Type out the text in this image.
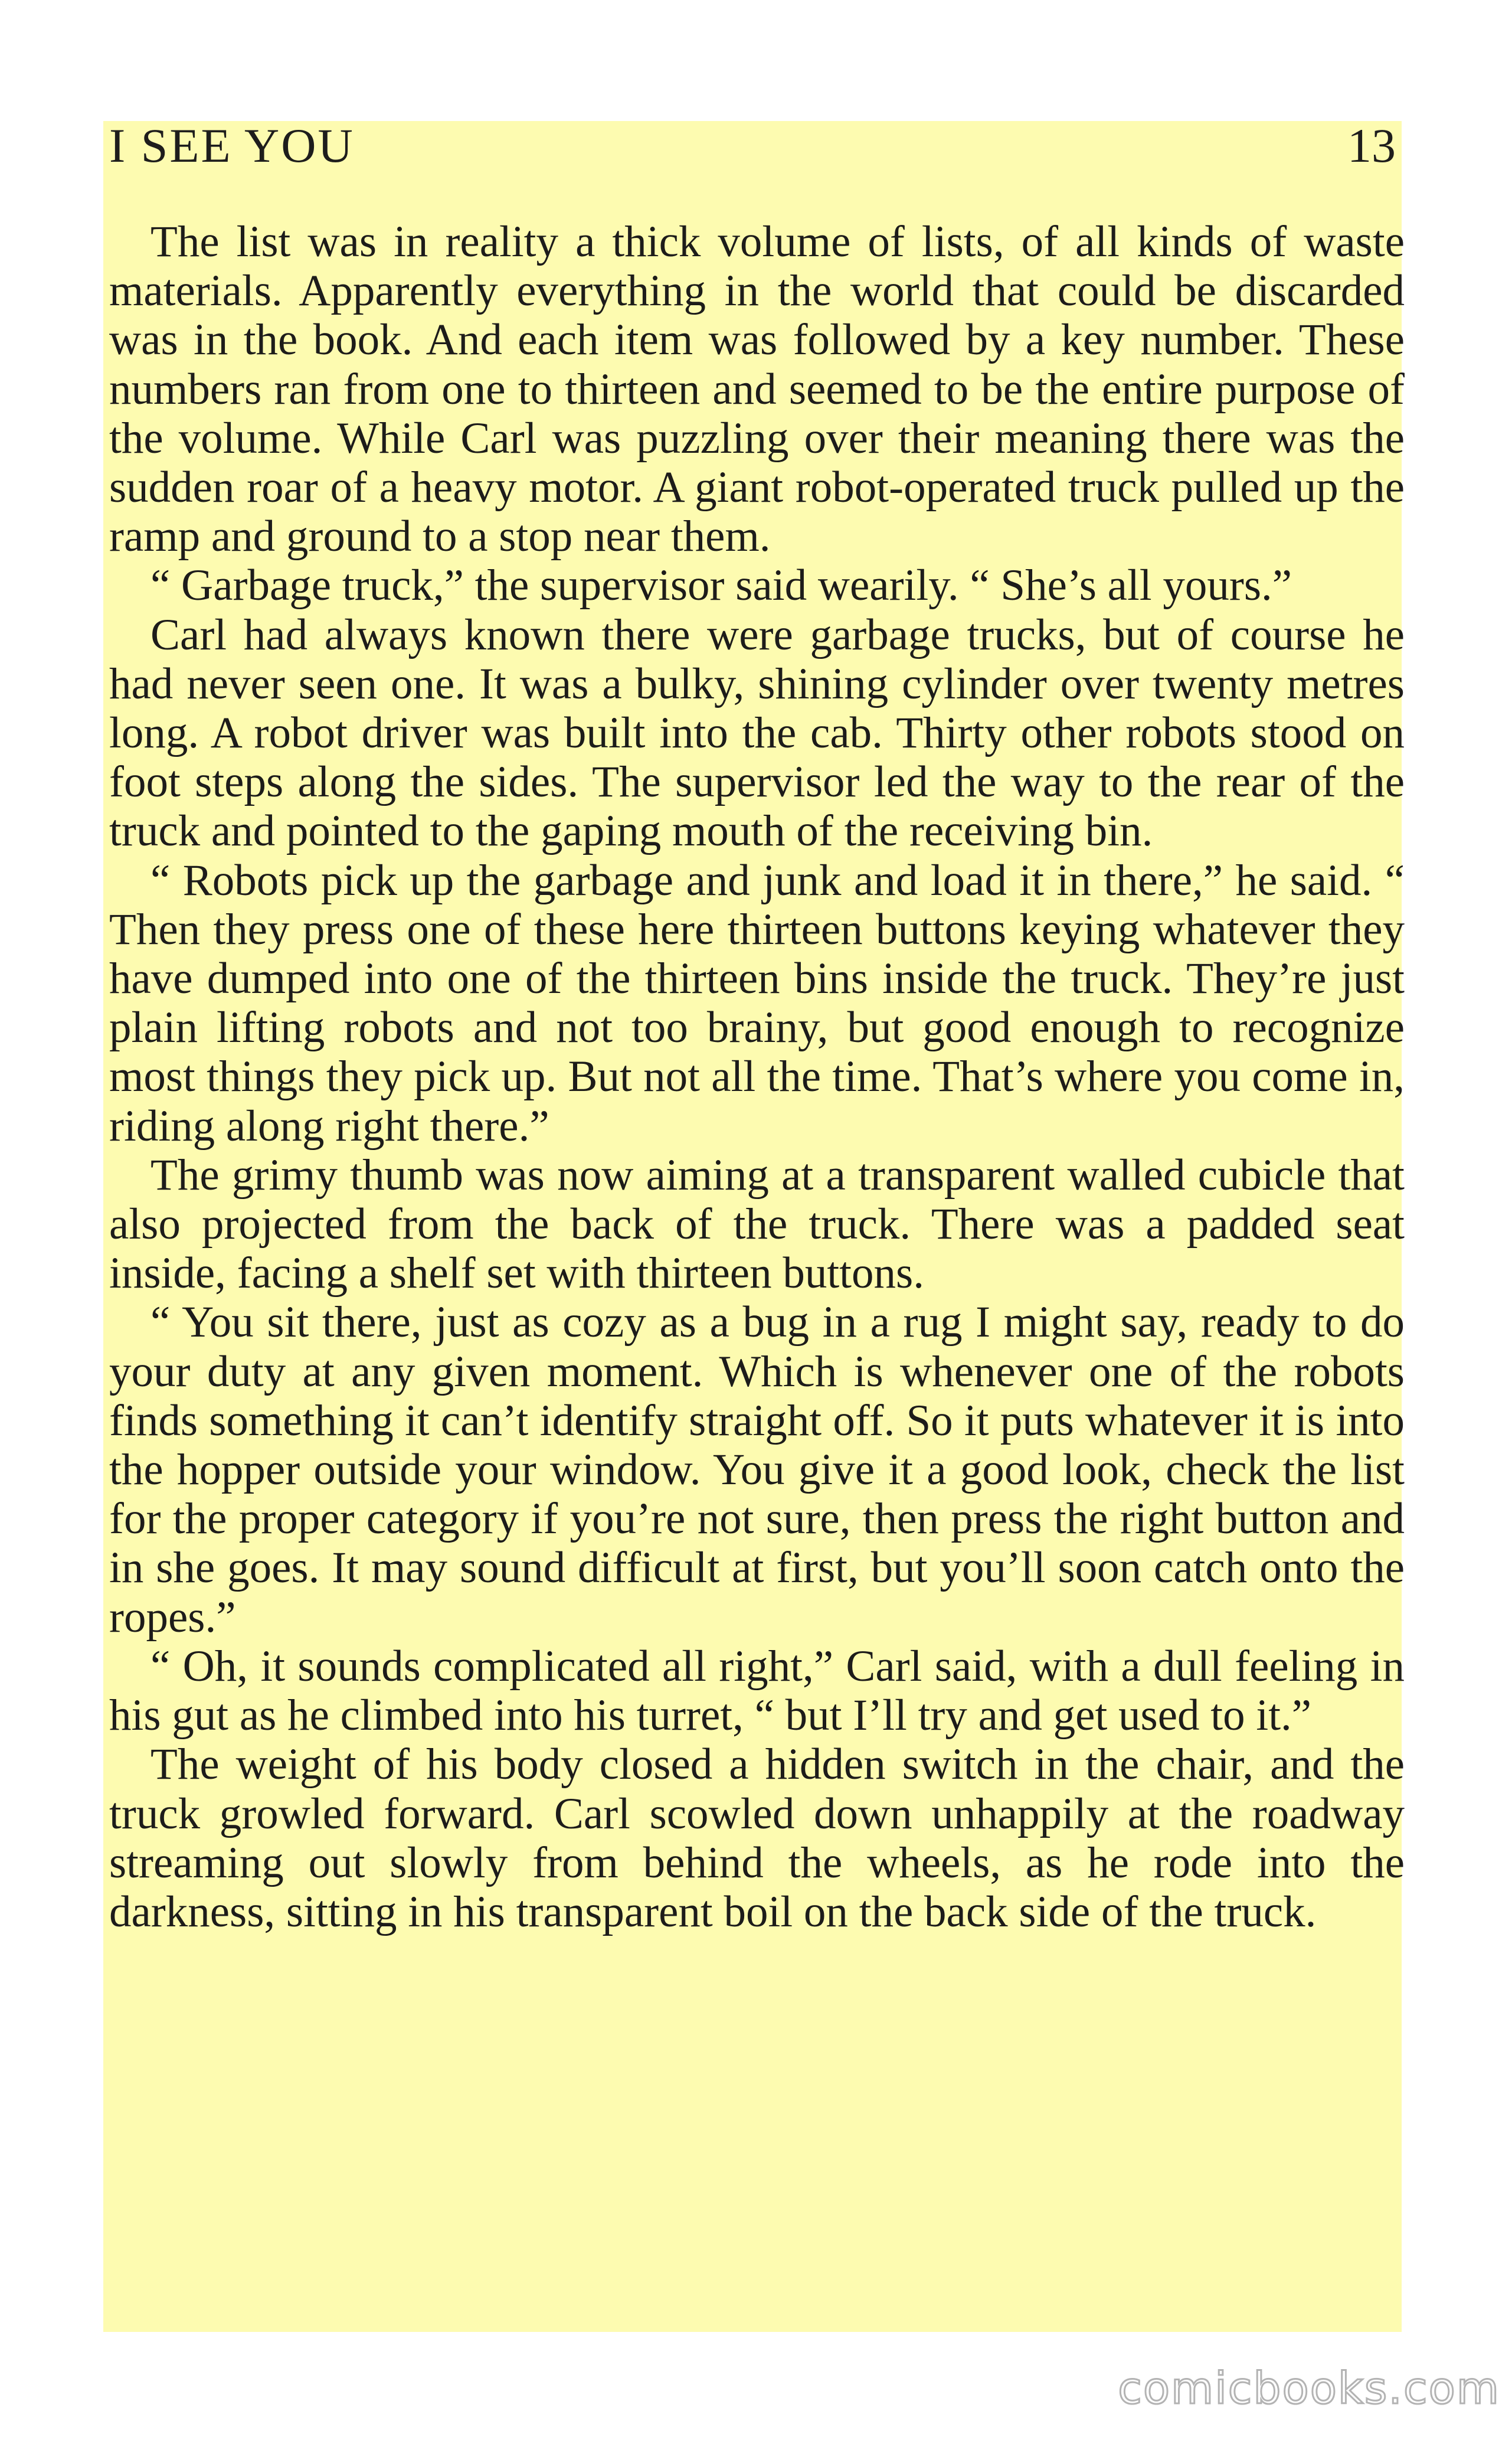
I SEE YOU	13

The list was in reality a thick volume of lists, of all kinds of waste materials. Apparently everything in the world that could be discarded was in the book. And each item was followed by a key number. These numbers ran from one to thirteen and seemed to be the entire purpose of the volume. While Carl was puzzling over their meaning there was the sudden roar of a heavy motor. A giant robot-operated truck pulled up the ramp and ground to a stop near them.

“ Garbage truck,” the supervisor said wearily. “ She’s all yours.”

Carl had always known there were garbage trucks, but of course he had never seen one. It was a bulky, shining cylinder over twenty metres long. A robot driver was built into the cab. Thirty other robots stood on foot steps along the sides. The supervisor led the way to the rear of the truck and pointed to the gaping mouth of the receiving bin.

“ Robots pick up the garbage and junk and load it in there,” he said. “ Then they press one of these here thirteen buttons keying whatever they have dumped into one of the thirteen bins inside the truck. They’re just plain lifting robots and not too brainy, but good enough to recognize most things they pick up. But not all the time. That’s where you come in, riding along right there.”

The grimy thumb was now aiming at a transparent walled cubicle that also projected from the back of the truck. There was a padded seat inside, facing a shelf set with thirteen buttons.

“ You sit there, just as cozy as a bug in a rug I might say, ready to do your duty at any given moment. Which is whenever one of the robots finds something it can’t identify straight off. So it puts whatever it is into the hopper outside your window. You give it a good look, check the list for the proper category if you’re not sure, then press the right button and in she goes. It may sound difficult at first, but you’ll soon catch onto the ropes.”

“ Oh, it sounds complicated all right,” Carl said, with a dull feeling in his gut as he climbed into his turret, “ but I’ll try and get used to it.”

The weight of his body closed a hidden switch in the chair, and the truck growled forward. Carl scowled down unhappily at the roadway streaming out slowly from behind the wheels, as he rode into the darkness, sitting in his transparent boil on the back side of the truck.

comicbooks.com
